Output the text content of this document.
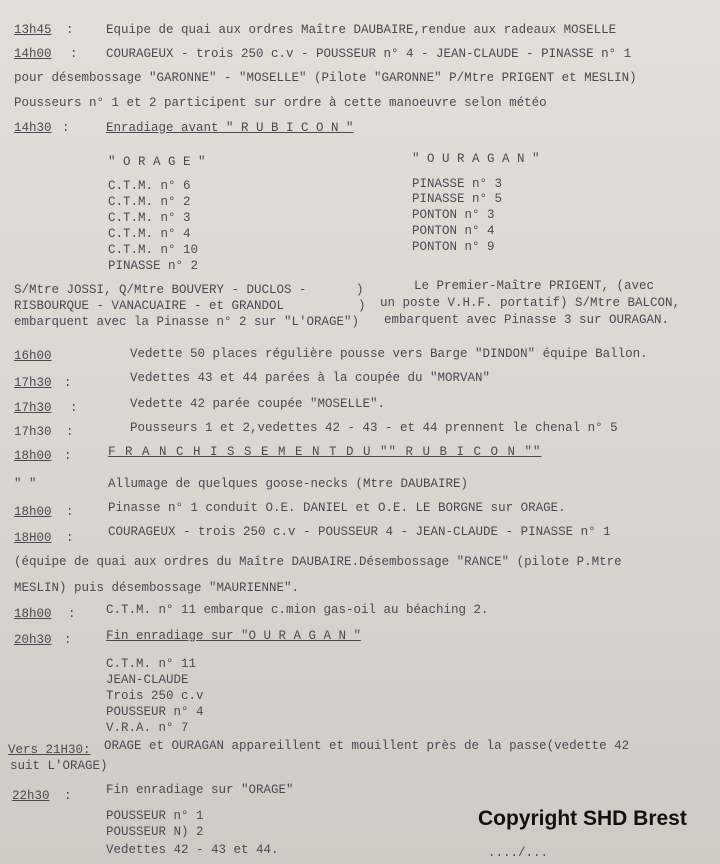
13h45 :	Equipe de quai aux ordres Maître DAUBAIRE,rendue aux radeaux MOSELLE
14h00 : COURAGEUX - trois 250 c.v - POUSSEUR n° 4 - JEAN-CLAUDE - PINASSE n° 1
pour désembossage "GARONNE" - "MOSELLE" (Pilote "GARONNE" P/Mtre PRIGENT et MESLIN)
Pousseurs n° 1 et 2 participent sur ordre à cette manoeuvre selon météo
14h30 :	Enradiage avant " R U B I C O N "
" O R A G E "
C.T.M. n° 6
C.T.M. n° 2
C.T.M. n° 3
C.T.M. n° 4
C.T.M. n° 10
PINASSE n° 2
" O U R A G A N "
PINASSE n° 3
PINASSE n° 5
PONTON n° 3
PONTON n° 4
PONTON n° 9
S/Mtre JOSSI, Q/Mtre BOUVERY - DUCLOS -	)
RISBOURQUE - VANACUAIRE - et GRANDOL	)
embarquent avec la Pinasse n° 2 sur "L'ORAGE")
Le Premier-Maître PRIGENT, (avec
un poste V.H.F. portatif) S/Mtre BALCON,
embarquent avec Pinasse 3 sur OURAGAN.
16h00	Vedette 50 places régulière pousse vers Barge "DINDON" équipe Ballon.
17h30 :	Vedettes 43 et 44 parées à la coupée du "MORVAN"
17h30 :	Vedette 42 parée coupée "MOSELLE".
17h30 :	Pousseurs 1 et 2,vedettes 42 - 43 - et 44 prennent le chenal n° 5
18h00 :	F R A N C H I S S E M E N T D U "" R U B I C O N ""
" "	Allumage de quelques goose-necks (Mtre DAUBAIRE)
18h00 :	Pinasse n° 1 conduit O.E. DANIEL et O.E. LE BORGNE sur ORAGE.
18H00 :	COURAGEUX - trois 250 c.v - POUSSEUR 4 - JEAN-CLAUDE - PINASSE n° 1
(équipe de quai aux ordres du Maître DAUBAIRE.Désembossage "RANCE" (pilote P.Mtre
MESLIN) puis désembossage "MAURIENNE".
18h00 : C.T.M. n° 11 embarque c.mion gas-oil au béaching 2.
20h30 :	Fin enradiage sur "O U R A G A N "
C.T.M. n° 11
JEAN-CLAUDE
Trois 250 c.v
POUSSEUR n° 4
V.R.A. n° 7
Vers 21H30: ORAGE et OURAGAN appareillent et mouillent près de la passe(vedette 42
suit L'ORAGE)
22h30 :	Fin enradiage sur "ORAGE"
POUSSEUR n° 1
POUSSEUR N) 2
Vedettes 42 - 43 et 44.	..../...
Copyright SHD Brest
